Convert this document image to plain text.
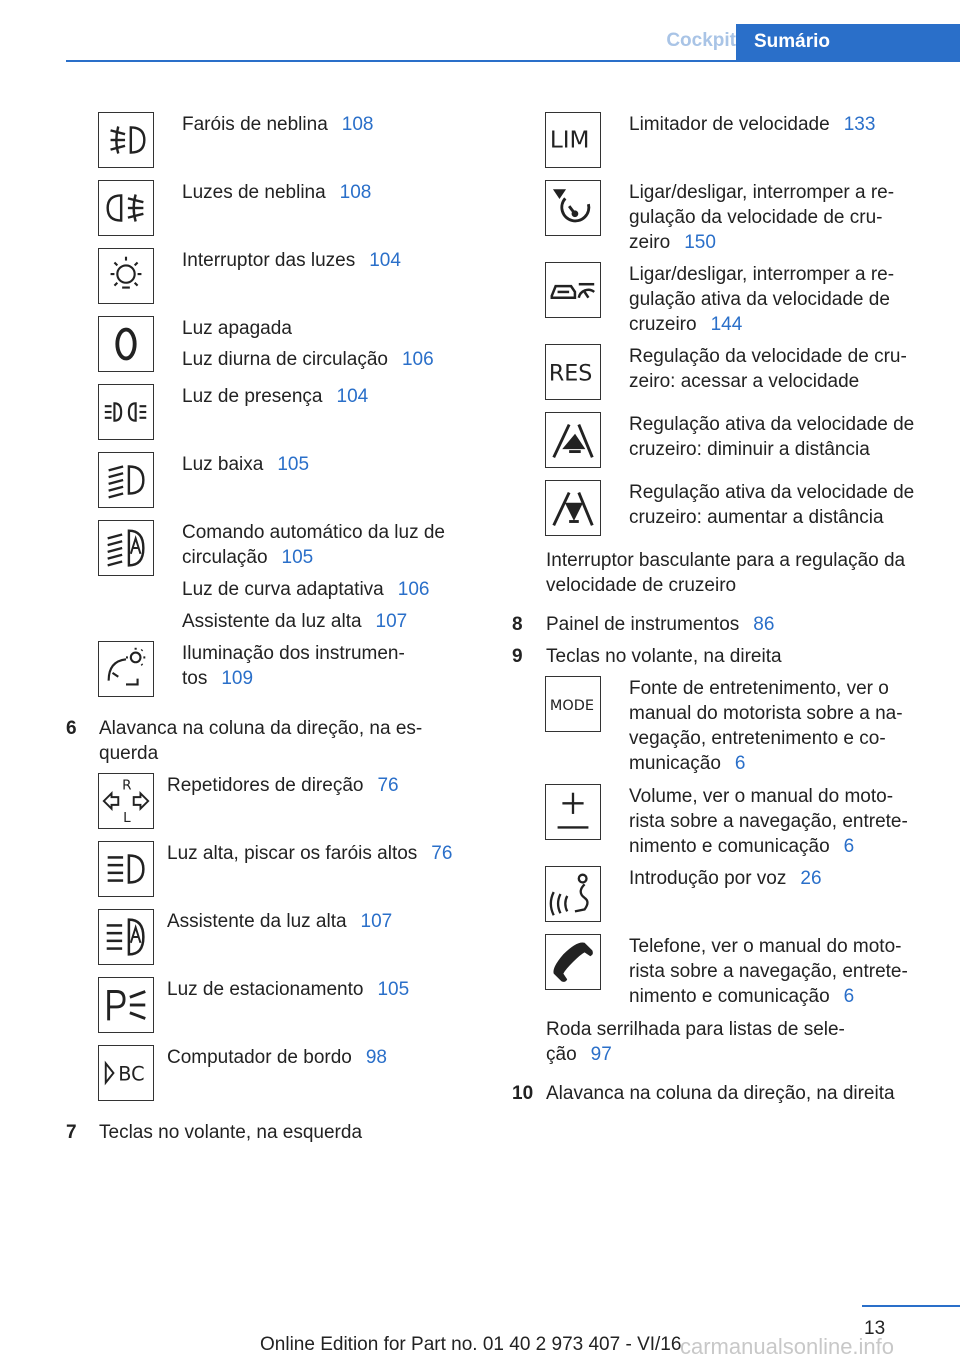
Cockpit Sumário
Faróis de neblina 108
Luzes de neblina 108
Interruptor das luzes 104
Luz apagada
Luz diurna de circulação 106
Luz de presença 104
Luz baixa 105
Comando automático da luz de
circulação 105
Luz de curva adaptativa 106
Assistente da luz alta 107
Iluminação dos instrumen-
tos 109
6 Alavanca na coluna da direção, na es-
querda
R
L
Repetidores de direção 76
Luz alta, piscar os faróis altos 76
Assistente da luz alta 107
Luz de estacionamento 105
BC
Computador de bordo 98
7 Teclas no volante, na esquerda
LIM
Limitador de velocidade 133
Ligar/desligar, interromper a re-
gulação da velocidade de cru-
zeiro 150
Ligar/desligar, interromper a re-
gulação ativa da velocidade de
cruzeiro 144
RES
Regulação da velocidade de cru-
zeiro: acessar a velocidade
Regulação ativa da velocidade de
cruzeiro: diminuir a distância
Regulação ativa da velocidade de
cruzeiro: aumentar a distância
Interruptor basculante para a regulação da
velocidade de cruzeiro
8 Painel de instrumentos 86
9 Teclas no volante, na direita
MODE
Fonte de entretenimento, ver o
manual do motorista sobre a na-
vegação, entretenimento e co-
municação 6
Volume, ver o manual do moto-
rista sobre a navegação, entrete-
nimento e comunicação 6
Introdução por voz 26
Telefone, ver o manual do moto-
rista sobre a navegação, entrete-
nimento e comunicação 6
Roda serrilhada para listas de sele-
ção 97
10 Alavanca na coluna da direção, na direita
13
Online Edition for Part no. 01 40 2 973 407 - VI/16
carmanualsonline.info
